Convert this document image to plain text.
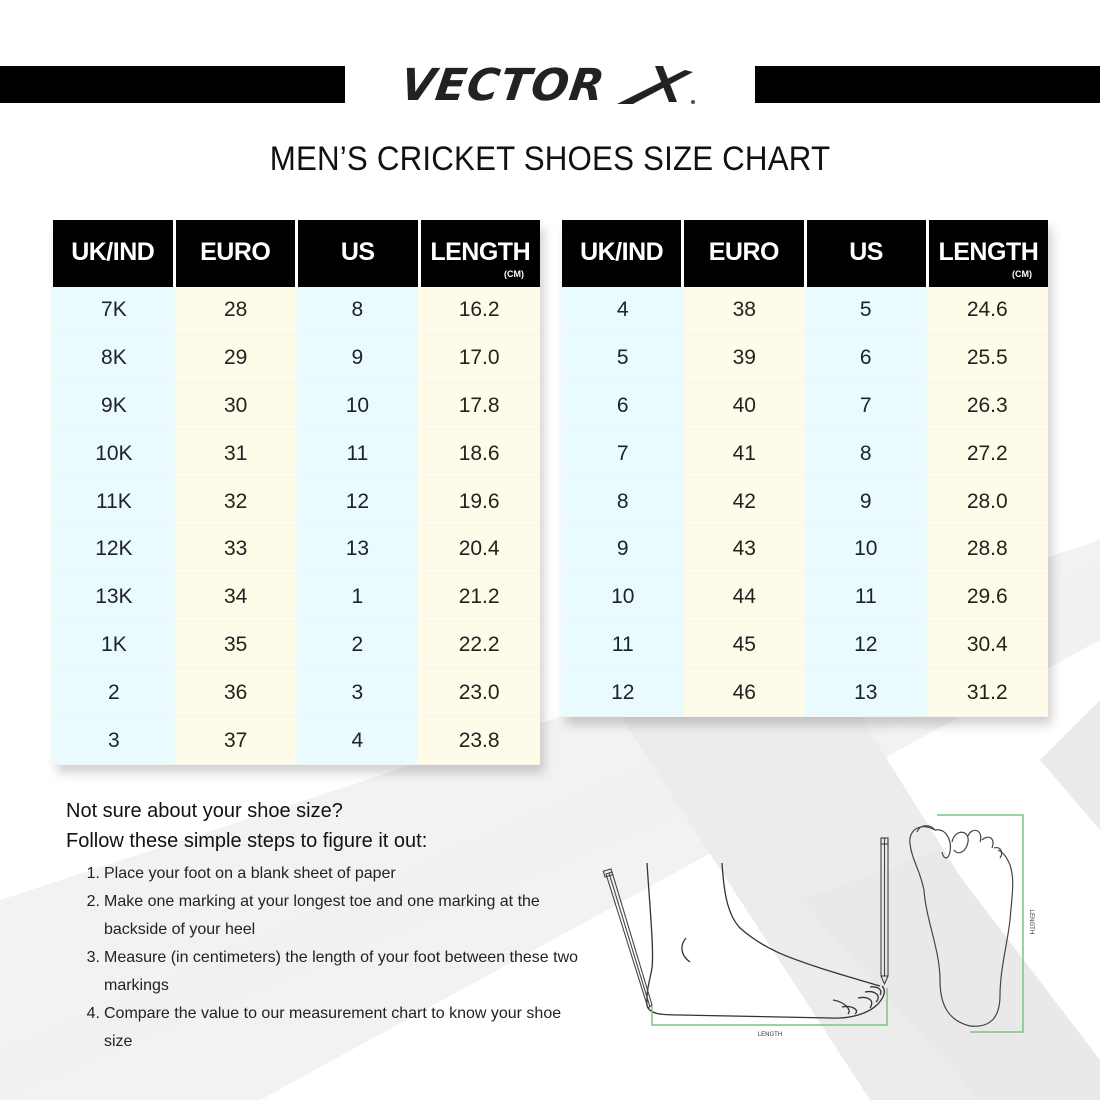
VECTOR
MEN’S CRICKET SHOES SIZE CHART
UK/IND EURO	US LENGTH
(CM)
7K	28	8	16.2
8K	29	9	17.0
9K	30	10	17.8
10K	31	11	18.6
11K	32	12	19.6
12K	33	13	20.4
13K	34	1	21.2
1K	35	2	22.2
2	36	3	23.0
3	37	4	23.8
UK/IND EURO	US LENGTH
(CM)
4	38	5	24.6
5	39	6	25.5
6	40	7	26.3
7	41	8	27.2
8	42	9	28.0
9	43	10	28.8
10	44	11	29.6
11	45	12	30.4
12	46	13	31.2
Not sure about your shoe size?
Follow these simple steps to figure it out:
1. Place your foot on a blank sheet of paper
2. Make one marking at your longest toe and one marking at the backside of your heel
3. Measure (in centimeters) the length of your foot between these two markings
4. Compare the value to our measurement chart to know your shoe size	LENGTH
LENGTH
